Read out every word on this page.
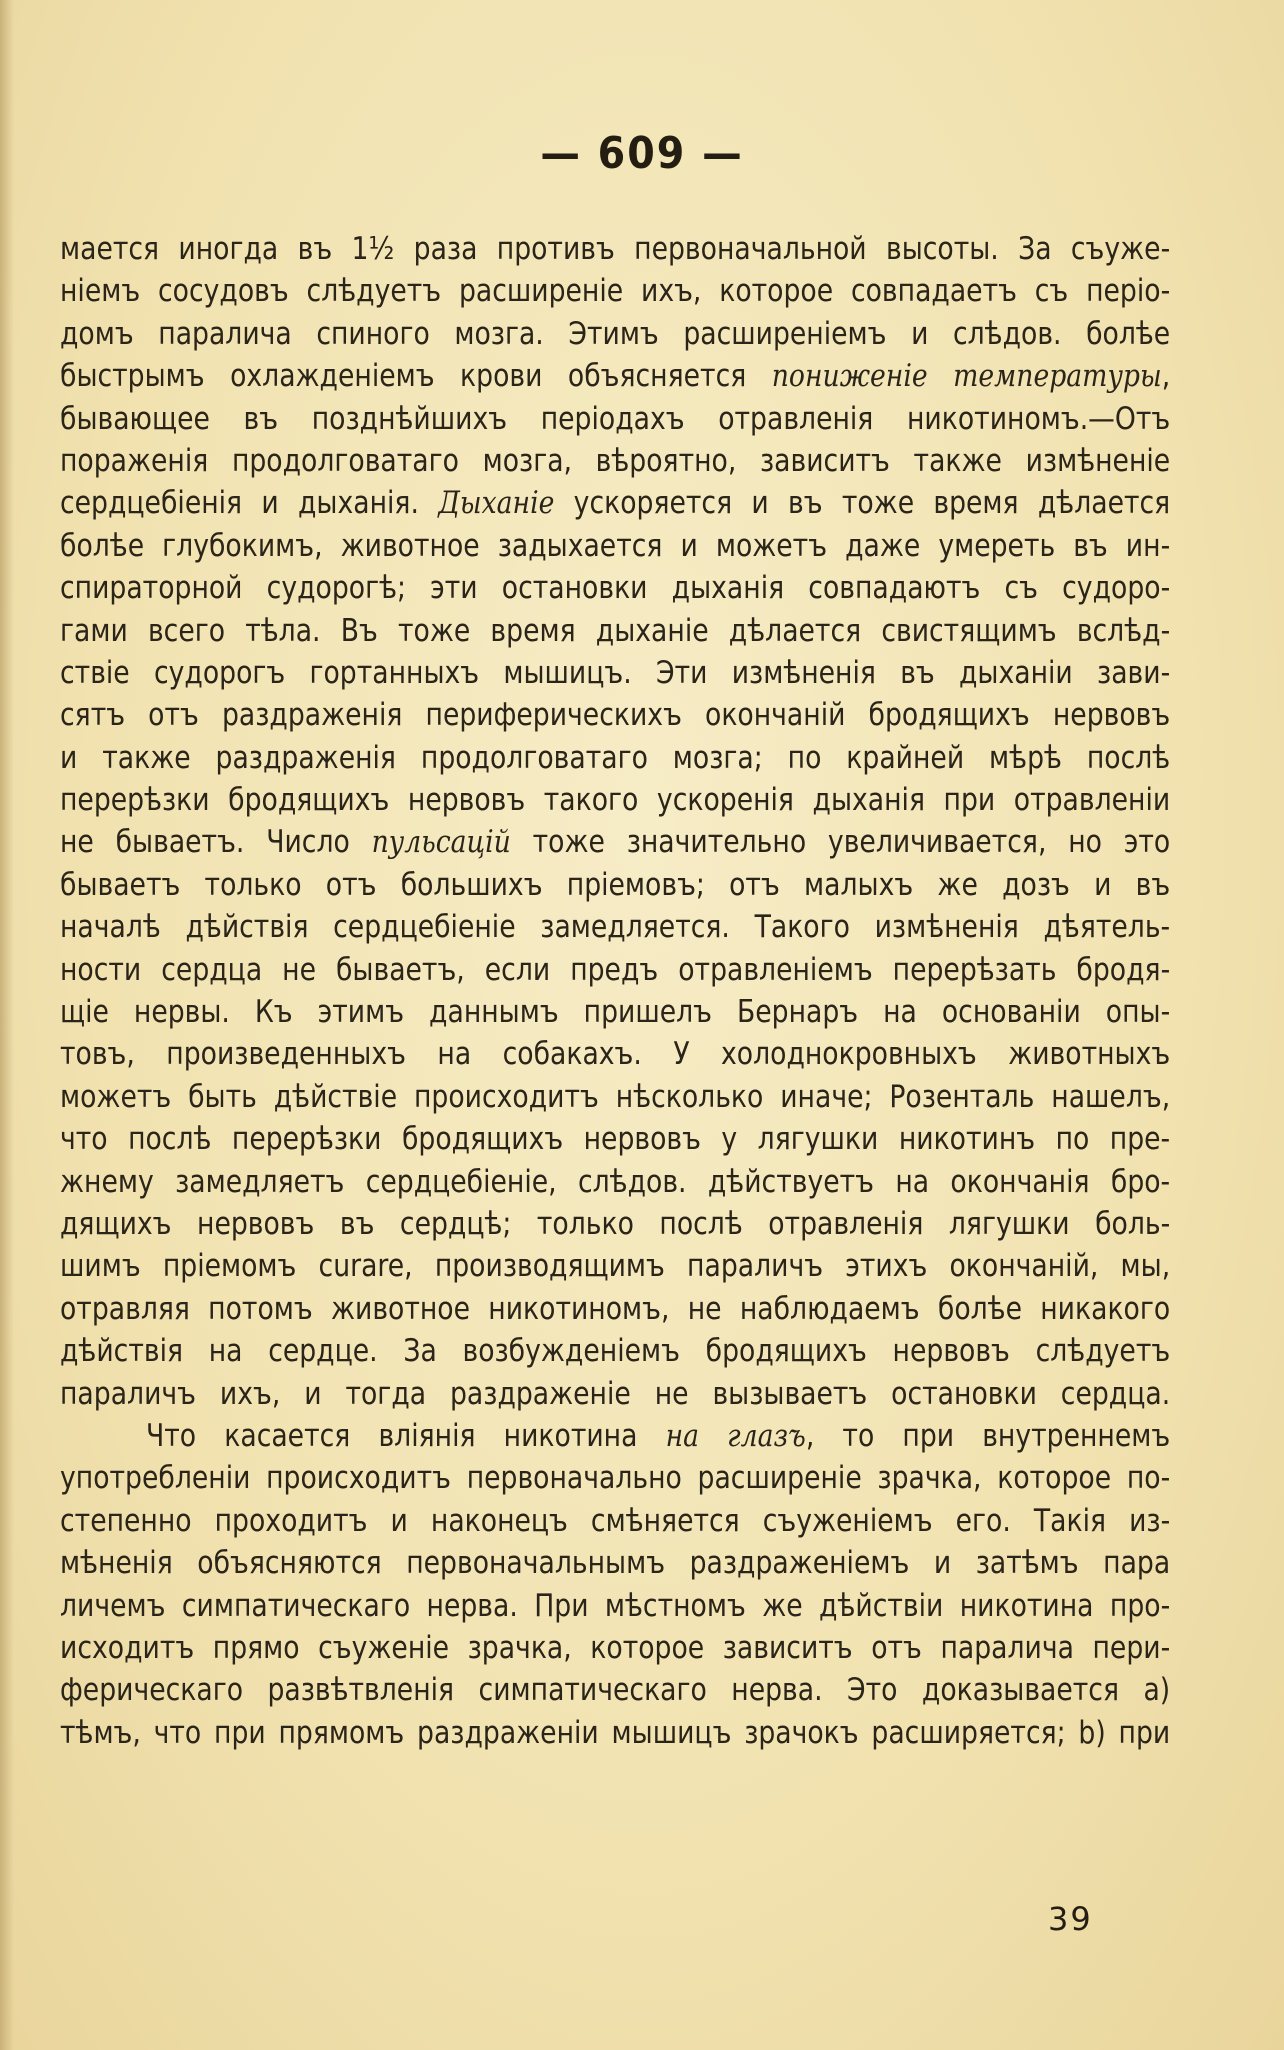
— 609 —
мается иногда въ 1½ раза противъ первоначальной высоты. За съуже-
ніемъ сосудовъ слѣдуетъ расширеніе ихъ, которое совпадаетъ съ періо-
домъ паралича спиного мозга. Этимъ расширеніемъ и слѣдов. болѣе
быстрымъ охлажденіемъ крови объясняется пониженіе температуры,
бывающее въ позднѣйшихъ періодахъ отравленія никотиномъ.—Отъ
пораженія продолговатаго мозга, вѣроятно, зависитъ также измѣненіе
сердцебіенія и дыханія. Дыханіе ускоряется и въ тоже время дѣлается
болѣе глубокимъ, животное задыхается и можетъ даже умереть въ ин-
спираторной судорогѣ; эти остановки дыханія совпадаютъ съ судоро-
гами всего тѣла. Въ тоже время дыханіе дѣлается свистящимъ вслѣд-
ствіе судорогъ гортанныхъ мышицъ. Эти измѣненія въ дыханіи зави-
сятъ отъ раздраженія периферическихъ окончаній бродящихъ нервовъ
и также раздраженія продолговатаго мозга; по крайней мѣрѣ послѣ
перерѣзки бродящихъ нервовъ такого ускоренія дыханія при отравленіи
не бываетъ. Число пульсацій тоже значительно увеличивается, но это
бываетъ только отъ большихъ пріемовъ; отъ малыхъ же дозъ и въ
началѣ дѣйствія сердцебіеніе замедляется. Такого измѣненія дѣятель-
ности сердца не бываетъ, если предъ отравленіемъ перерѣзать бродя-
щіе нервы. Къ этимъ даннымъ пришелъ Бернаръ на основаніи опы-
товъ, произведенныхъ на собакахъ. У холоднокровныхъ животныхъ
можетъ быть дѣйствіе происходитъ нѣсколько иначе; Розенталь нашелъ,
что послѣ перерѣзки бродящихъ нервовъ у лягушки никотинъ по пре-
жнему замедляетъ сердцебіеніе, слѣдов. дѣйствуетъ на окончанія бро-
дящихъ нервовъ въ сердцѣ; только послѣ отравленія лягушки боль-
шимъ пріемомъ curare, производящимъ параличъ этихъ окончаній, мы,
отравляя потомъ животное никотиномъ, не наблюдаемъ болѣе никакого
дѣйствія на сердце. За возбужденіемъ бродящихъ нервовъ слѣдуетъ
параличъ ихъ, и тогда раздраженіе не вызываетъ остановки сердца.
Что касается вліянія никотина на глазъ, то при внутреннемъ
употребленіи происходитъ первоначально расширеніе зрачка, которое по-
степенно проходитъ и наконецъ смѣняется съуженіемъ его. Такія из-
мѣненія объясняются первоначальнымъ раздраженіемъ и затѣмъ пара
личемъ симпатическаго нерва. При мѣстномъ же дѣйствіи никотина про-
исходитъ прямо съуженіе зрачка, которое зависитъ отъ паралича пери-
ферическаго развѣтвленія симпатическаго нерва. Это доказывается а)
тѣмъ, что при прямомъ раздраженіи мышицъ зрачокъ расширяется; b) при
39
